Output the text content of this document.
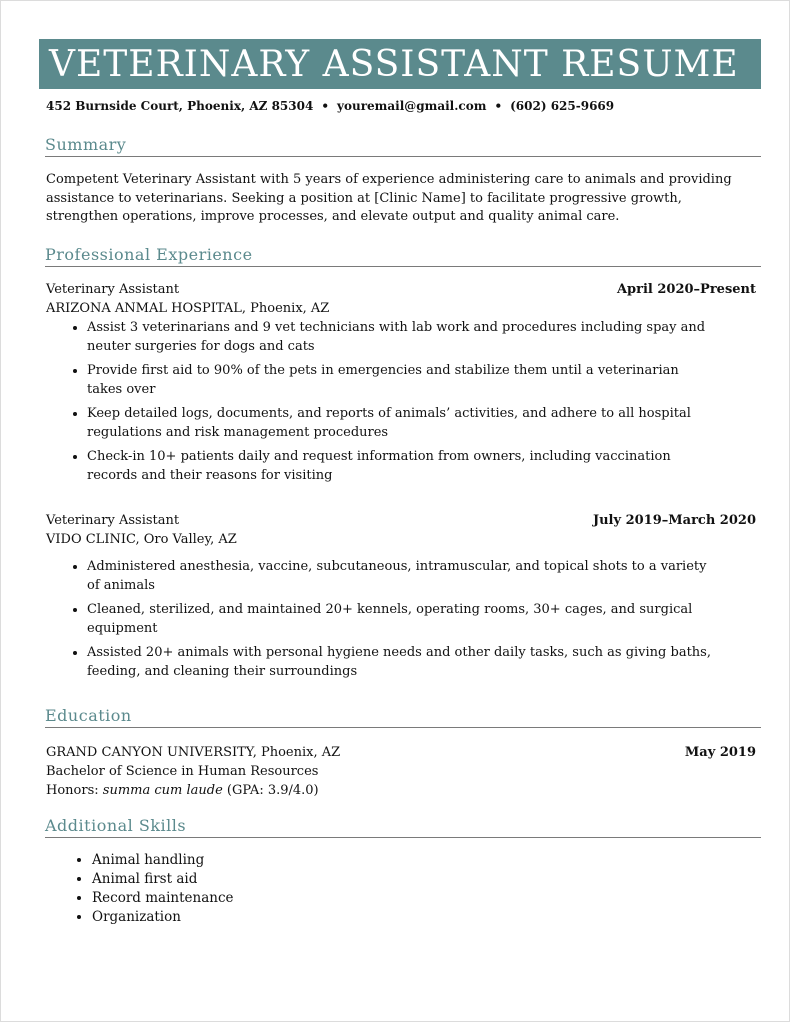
VETERINARY ASSISTANT RESUME
452 Burnside Court, Phoenix, AZ 85304 • youremail@gmail.com • (602) 625-9669
Summary
Competent Veterinary Assistant with 5 years of experience administering care to animals and providing assistance to veterinarians. Seeking a position at [Clinic Name] to facilitate progressive growth, strengthen operations, improve processes, and elevate output and quality animal care.
Professional Experience
Veterinary Assistant	April 2020–Present
ARIZONA ANMAL HOSPITAL, Phoenix, AZ
• Assist 3 veterinarians and 9 vet technicians with lab work and procedures including spay and neuter surgeries for dogs and cats
• Provide first aid to 90% of the pets in emergencies and stabilize them until a veterinarian takes over
• Keep detailed logs, documents, and reports of animals’ activities, and adhere to all hospital regulations and risk management procedures
• Check-in 10+ patients daily and request information from owners, including vaccination records and their reasons for visiting
Veterinary Assistant	July 2019–March 2020
VIDO CLINIC, Oro Valley, AZ
• Administered anesthesia, vaccine, subcutaneous, intramuscular, and topical shots to a variety of animals
• Cleaned, sterilized, and maintained 20+ kennels, operating rooms, 30+ cages, and surgical equipment
• Assisted 20+ animals with personal hygiene needs and other daily tasks, such as giving baths, feeding, and cleaning their surroundings
Education
GRAND CANYON UNIVERSITY, Phoenix, AZ	May 2019
Bachelor of Science in Human Resources
Honors: summa cum laude (GPA: 3.9/4.0)
Additional Skills
• Animal handling
• Animal first aid
• Record maintenance
• Organization
